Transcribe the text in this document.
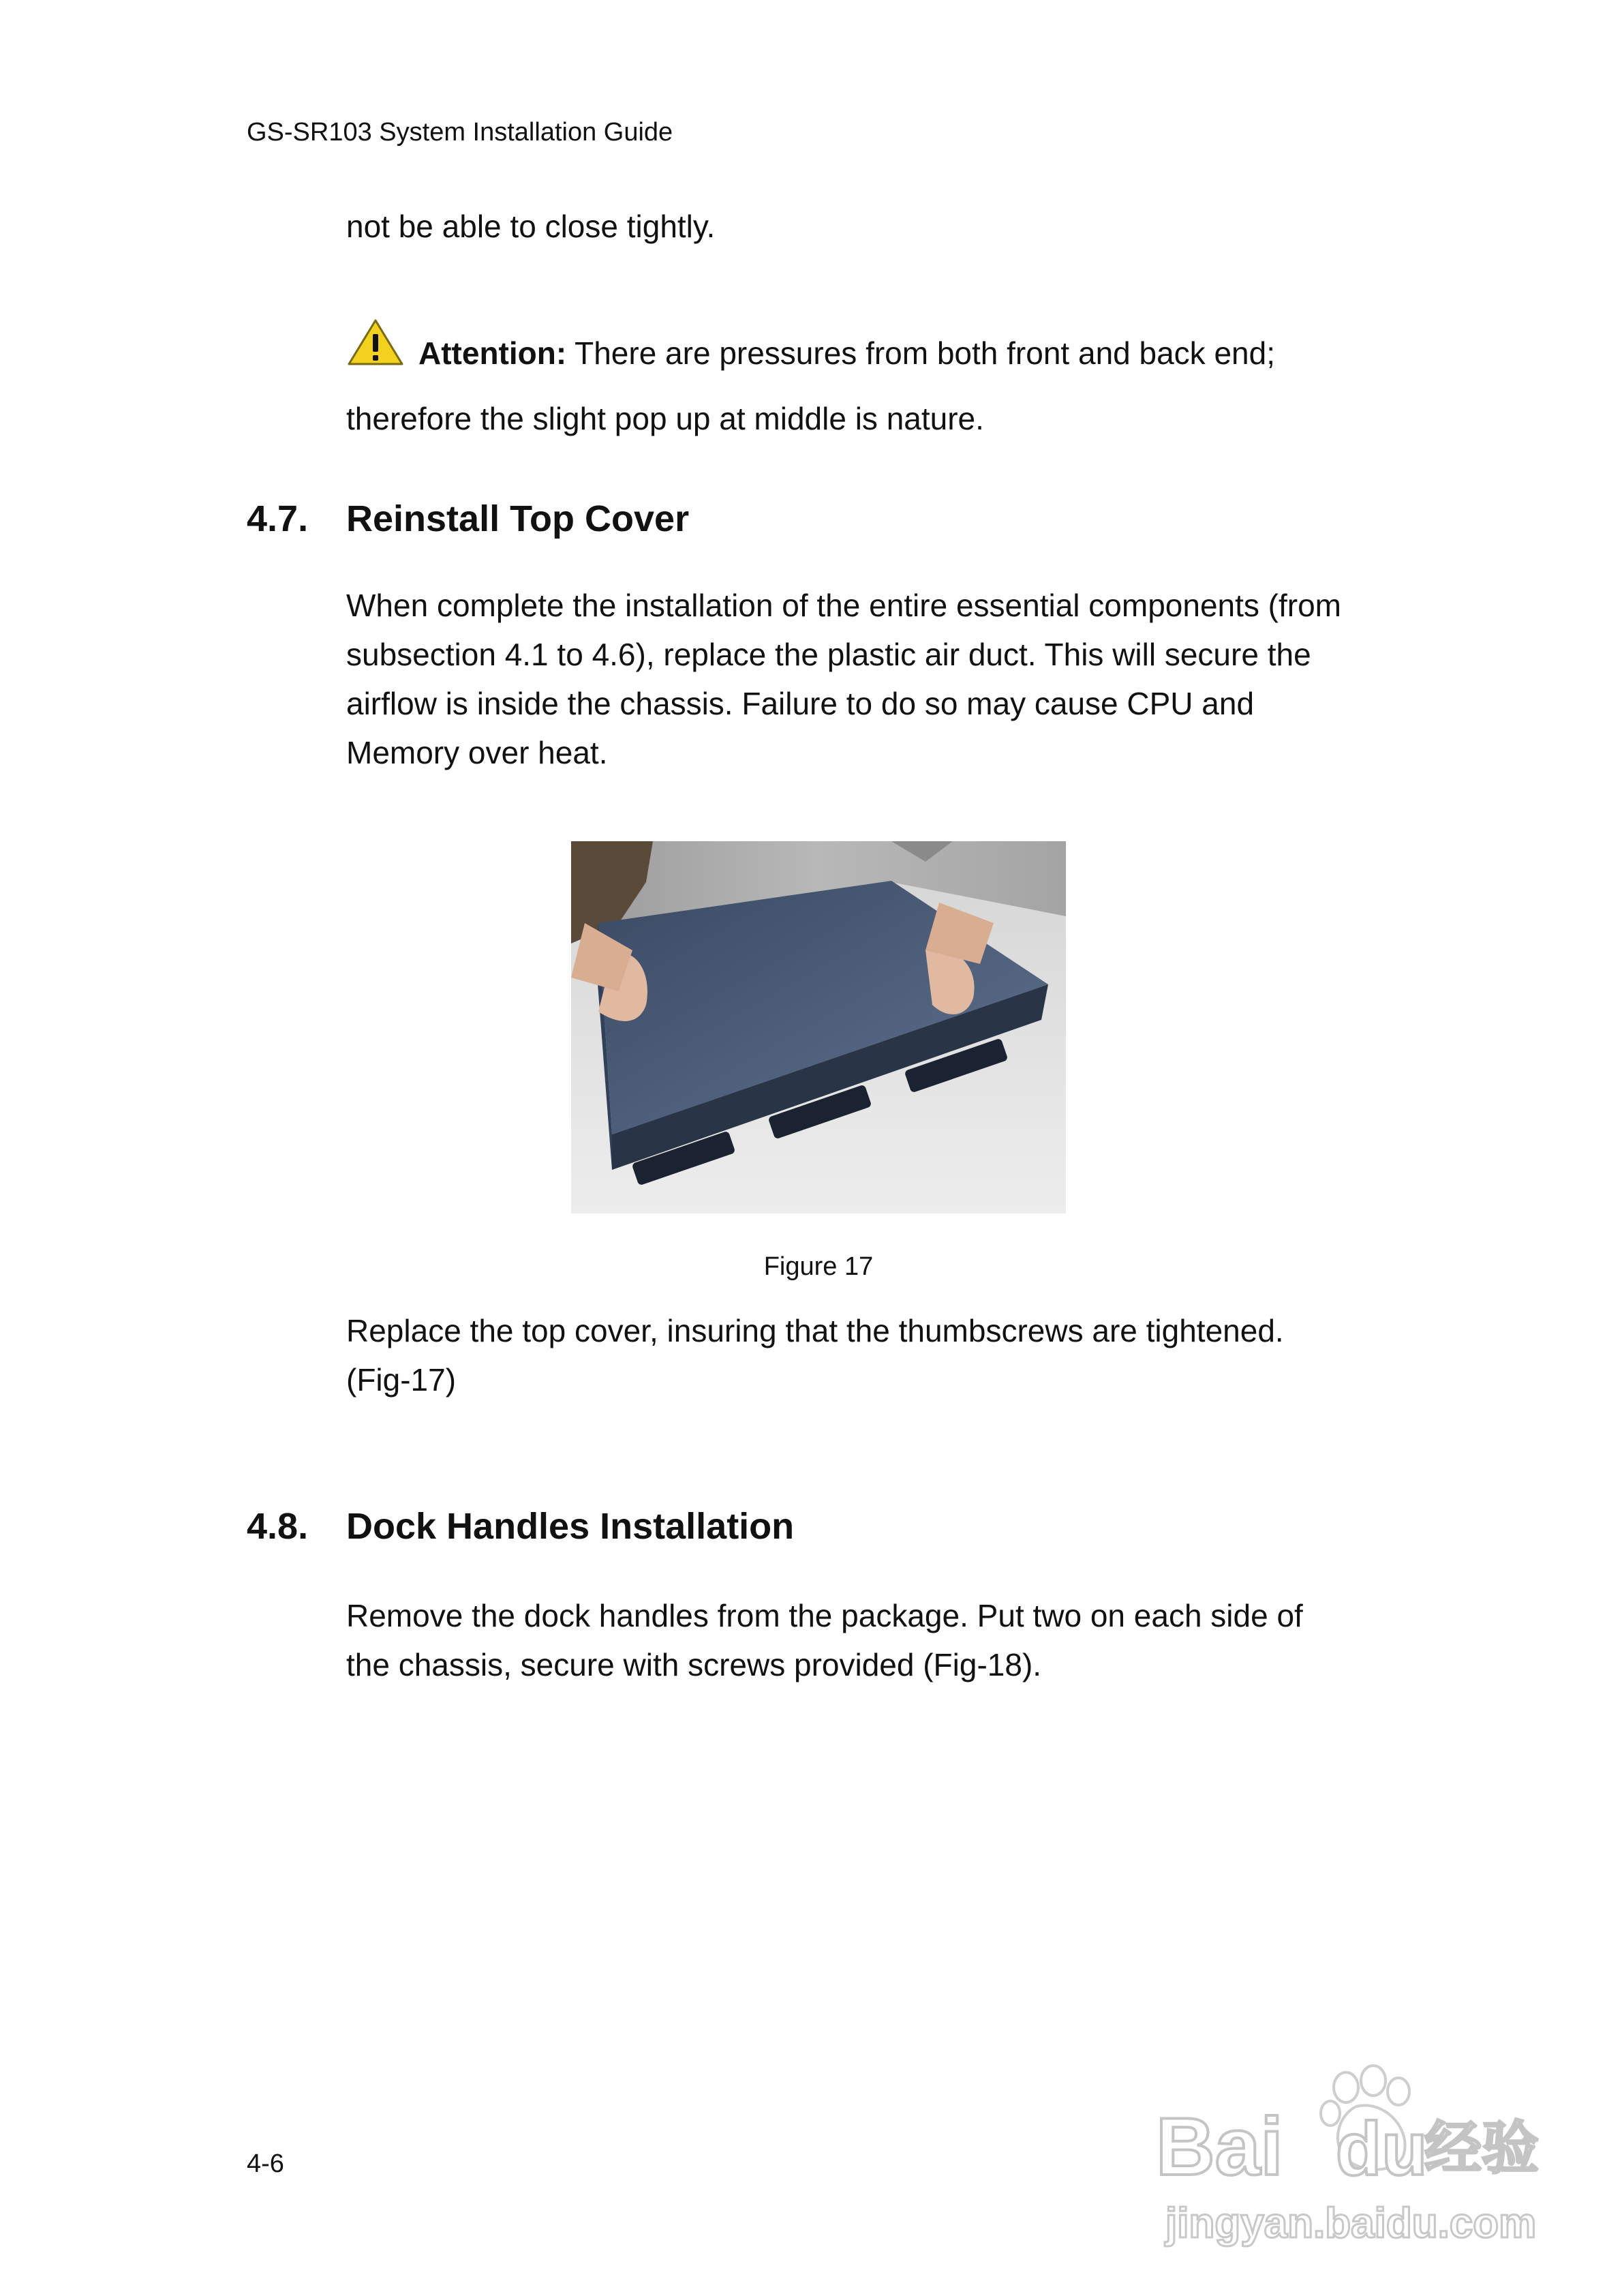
GS-SR103 System Installation Guide

not be able to close tightly.

Attention: There are pressures from both front and back end;

therefore the slight pop up at middle is nature.

4.7. Reinstall Top Cover

When complete the installation of the entire essential components (from

subsection 4.1 to 4.6), replace the plastic air duct. This will secure the

airflow is inside the chassis. Failure to do so may cause CPU and

Memory over heat.

Figure 17

Replace the top cover, insuring that the thumbscrews are tightened.

(Fig-17)

4.8. Dock Handles Installation

Remove the dock handles from the package. Put two on each side of

the chassis, secure with screws provided (Fig-18).

4-6	Bai du
经验
jingyan.baidu.com
